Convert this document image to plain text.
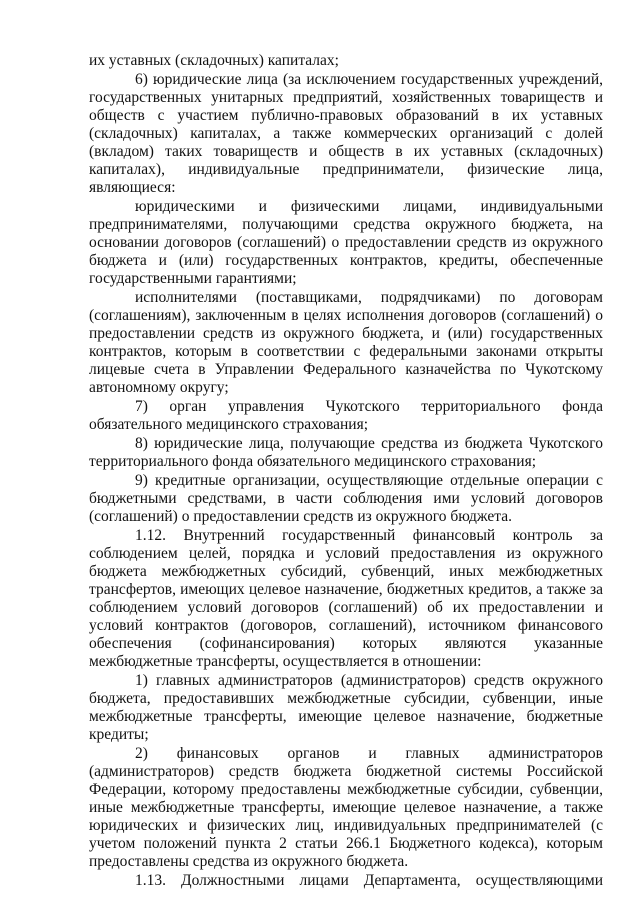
их уставных (складочных) капиталах;

6) юридические лица (за исключением государственных учреждений, государственных унитарных предприятий, хозяйственных товариществ и обществ с участием публично-правовых образований в их уставных (складочных) капиталах, а также коммерческих организаций с долей (вкладом) таких товариществ и обществ в их уставных (складочных) капиталах), индивидуальные предприниматели, физические лица, являющиеся:

юридическими и физическими лицами, индивидуальными предпринимателями, получающими средства окружного бюджета, на основании договоров (соглашений) о предоставлении средств из окружного бюджета и (или) государственных контрактов, кредиты, обеспеченные государственными гарантиями;

исполнителями (поставщиками, подрядчиками) по договорам (соглашениям), заключенным в целях исполнения договоров (соглашений) о предоставлении средств из окружного бюджета, и (или) государственных контрактов, которым в соответствии с федеральными законами открыты лицевые счета в Управлении Федерального казначейства по Чукотскому автономному округу;

7) орган управления Чукотского территориального фонда обязательного медицинского страхования;

8) юридические лица, получающие средства из бюджета Чукотского территориального фонда обязательного медицинского страхования;

9) кредитные организации, осуществляющие отдельные операции с бюджетными средствами, в части соблюдения ими условий договоров (соглашений) о предоставлении средств из окружного бюджета.

1.12. Внутренний государственный финансовый контроль за соблюдением целей, порядка и условий предоставления из окружного бюджета межбюджетных субсидий, субвенций, иных межбюджетных трансфертов, имеющих целевое назначение, бюджетных кредитов, а также за соблюдением условий договоров (соглашений) об их предоставлении и условий контрактов (договоров, соглашений), источником финансового обеспечения (софинансирования) которых являются указанные межбюджетные трансферты, осуществляется в отношении:

1) главных администраторов (администраторов) средств окружного бюджета, предоставивших межбюджетные субсидии, субвенции, иные межбюджетные трансферты, имеющие целевое назначение, бюджетные кредиты;

2) финансовых органов и главных администраторов (администраторов) средств бюджета бюджетной системы Российской Федерации, которому предоставлены межбюджетные субсидии, субвенции, иные межбюджетные трансферты, имеющие целевое назначение, а также юридических и физических лиц, индивидуальных предпринимателей (с учетом положений пункта 2 статьи 266.1 Бюджетного кодекса), которым предоставлены средства из окружного бюджета.

1.13. Должностными лицами Департамента, осуществляющими
